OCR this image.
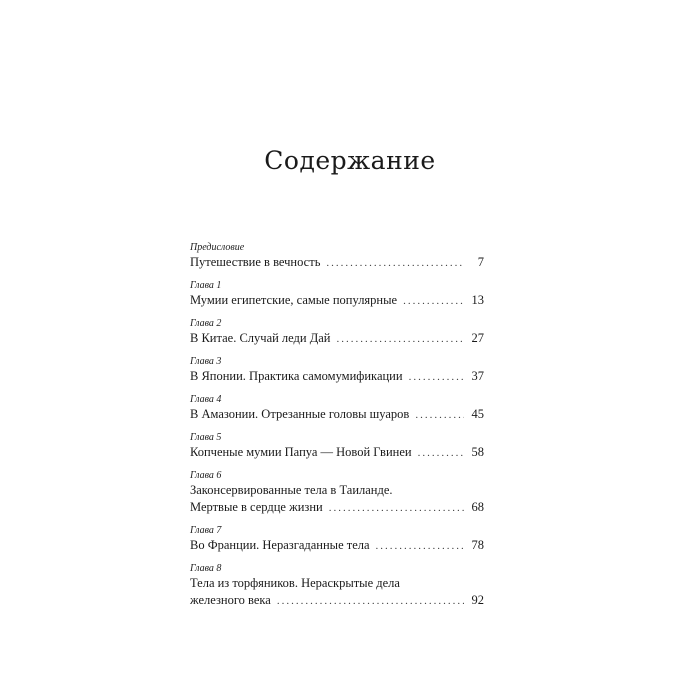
Содержание
Предисловие
Путешествие в вечность .....	7
Глава 1
Мумии египетские, самые популярные .....	13
Глава 2
В Китае. Случай леди Дай .....	27
Глава 3
В Японии. Практика самомумификации .....	37
Глава 4
В Амазонии. Отрезанные головы шуаров .....	45
Глава 5
Копченые мумии Папуа — Новой Гвинеи .....	58
Глава 6
Законсервированные тела в Таиланде.
Мертвые в сердце жизни .....	68
Глава 7
Во Франции. Неразгаданные тела .....	78
Глава 8
Тела из торфяников. Нераскрытые дела
железного века .....	92
